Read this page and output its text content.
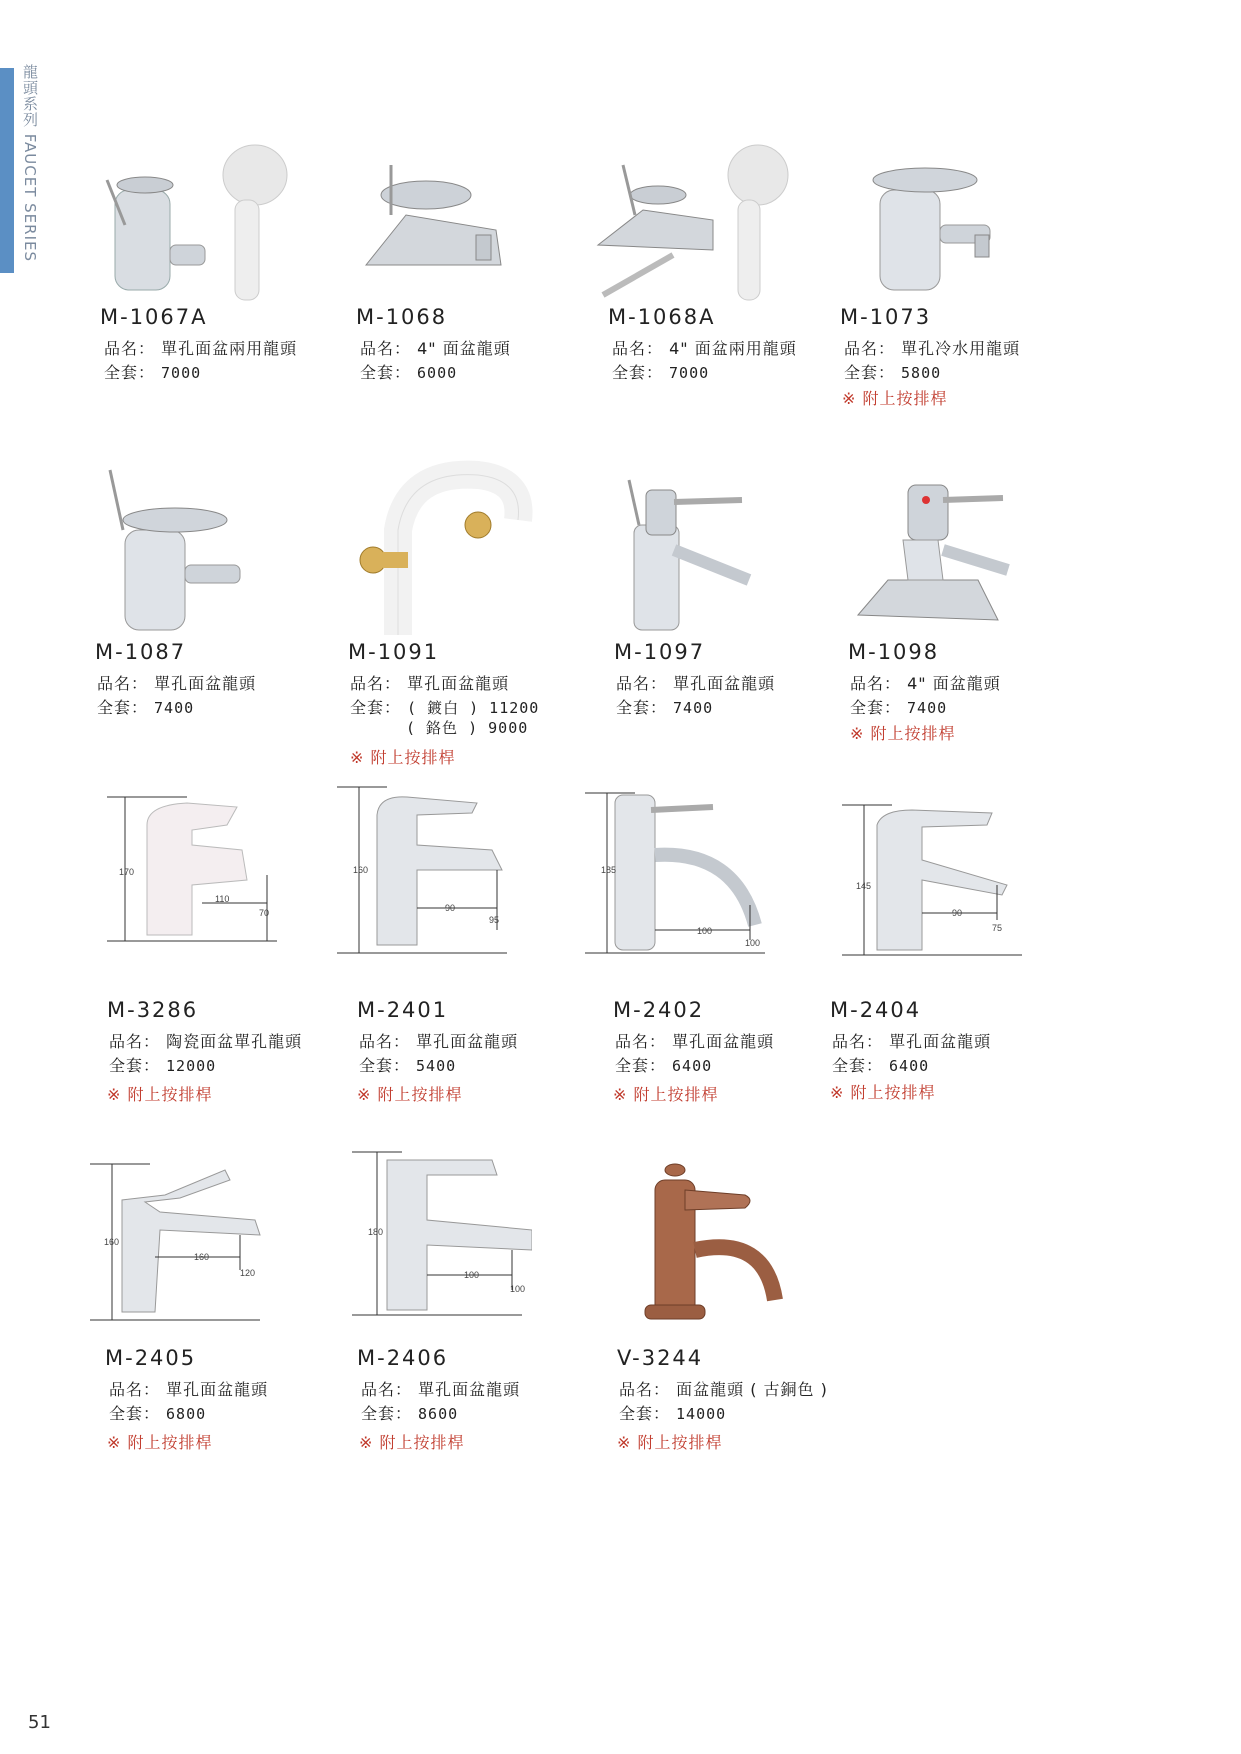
龍頭系列 FAUCET SERIES
51
M-1067A
品名： 單孔面盆兩用龍頭
全套： 7000
M-1068
品名： 4" 面盆龍頭
全套： 6000
M-1068A
品名： 4" 面盆兩用龍頭
全套： 7000
M-1073
品名： 單孔冷水用龍頭
全套： 5800
※ 附上按排桿
M-1087
品名： 單孔面盆龍頭
全套： 7400
M-1091
品名： 單孔面盆龍頭
全套： ( 鍍白 ) 11200
( 鉻色 ) 9000
※ 附上按排桿
M-1097
品名： 單孔面盆龍頭
全套： 7400
M-1098
品名： 4" 面盆龍頭
全套： 7400
※ 附上按排桿
170
110
70
M-3286
品名： 陶瓷面盆單孔龍頭
全套： 12000
※ 附上按排桿
160
90
95
M-2401
品名： 單孔面盆龍頭
全套： 5400
※ 附上按排桿
185
100
100
M-2402
品名： 單孔面盆龍頭
全套： 6400
※ 附上按排桿
145
90
75
M-2404
品名： 單孔面盆龍頭
全套： 6400
※ 附上按排桿
160
160
120
M-2405
品名： 單孔面盆龍頭
全套： 6800
※ 附上按排桿
180
100
100
M-2406
品名： 單孔面盆龍頭
全套： 8600
※ 附上按排桿
V-3244
品名： 面盆龍頭 ( 古銅色 )
全套： 14000
※ 附上按排桿
